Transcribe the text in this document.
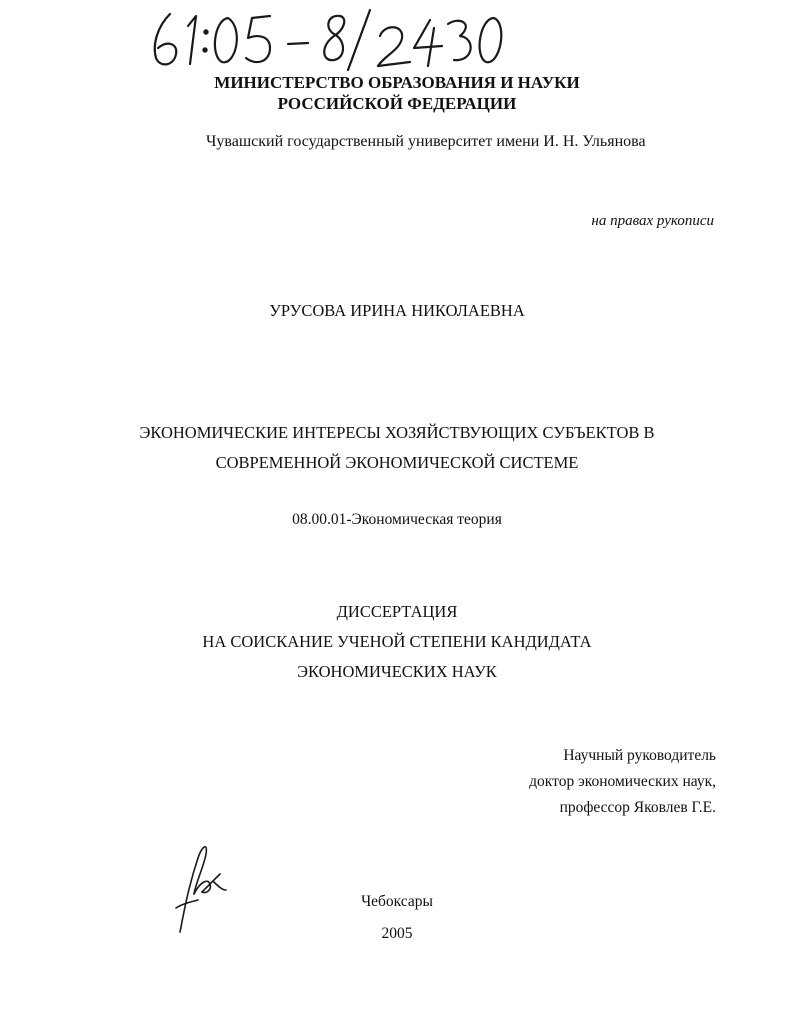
МИНИСТЕРСТВО ОБРАЗОВАНИЯ И НАУКИ
РОССИЙСКОЙ ФЕДЕРАЦИИ
Чувашский государственный университет имени И. Н. Ульянова
на правах рукописи
УРУСОВА ИРИНА НИКОЛАЕВНА
ЭКОНОМИЧЕСКИЕ ИНТЕРЕСЫ ХОЗЯЙСТВУЮЩИХ СУБЪЕКТОВ В
СОВРЕМЕННОЙ ЭКОНОМИЧЕСКОЙ СИСТЕМЕ
08.00.01-Экономическая теория
ДИССЕРТАЦИЯ
НА СОИСКАНИЕ УЧЕНОЙ СТЕПЕНИ КАНДИДАТА
ЭКОНОМИЧЕСКИХ НАУК
Научный руководитель
доктор экономических наук,
профессор Яковлев Г.Е.
Чебоксары
2005
